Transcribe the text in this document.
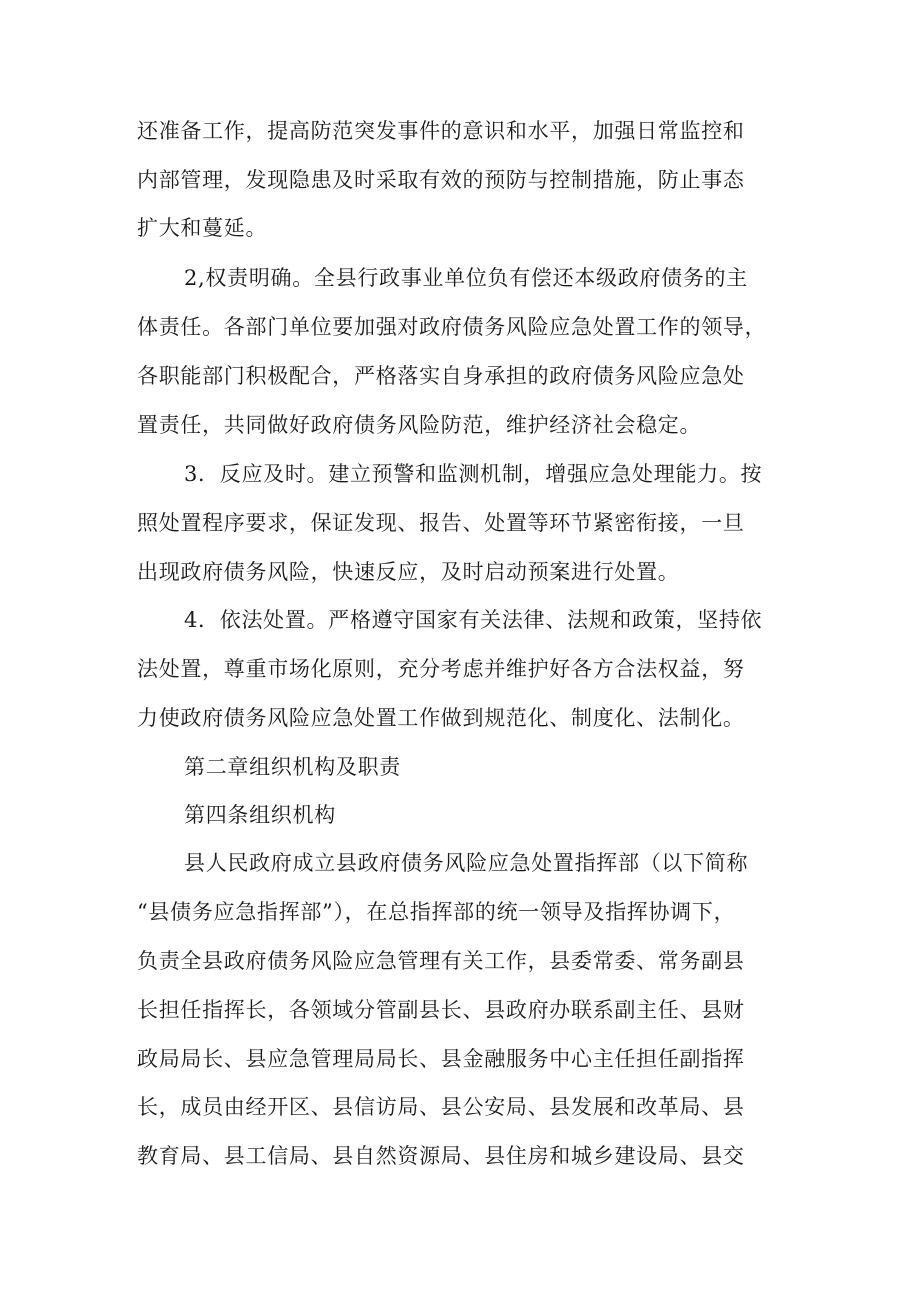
还准备工作，提高防范突发事件的意识和水平，加强日常监控和

内部管理，发现隐患及时采取有效的预防与控制措施，防止事态

扩大和蔓延。

2,权责明确。全县行政事业单位负有偿还本级政府债务的主

体责任。各部门单位要加强对政府债务风险应急处置工作的领导，

各职能部门积极配合，严格落实自身承担的政府债务风险应急处

置责任，共同做好政府债务风险防范，维护经济社会稳定。

3．反应及时。建立预警和监测机制，增强应急处理能力。按

照处置程序要求，保证发现、报告、处置等环节紧密衔接，一旦

出现政府债务风险，快速反应，及时启动预案进行处置。

4．依法处置。严格遵守国家有关法律、法规和政策，坚持依

法处置，尊重市场化原则，充分考虑并维护好各方合法权益，努

力使政府债务风险应急处置工作做到规范化、制度化、法制化。

第二章组织机构及职责

第四条组织机构

县人民政府成立县政府债务风险应急处置指挥部（以下简称

“县债务应急指挥部”），在总指挥部的统一领导及指挥协调下，

负责全县政府债务风险应急管理有关工作，县委常委、常务副县

长担任指挥长，各领域分管副县长、县政府办联系副主任、县财

政局局长、县应急管理局局长、县金融服务中心主任担任副指挥

长，成员由经开区、县信访局、县公安局、县发展和改革局、县

教育局、县工信局、县自然资源局、县住房和城乡建设局、县交
